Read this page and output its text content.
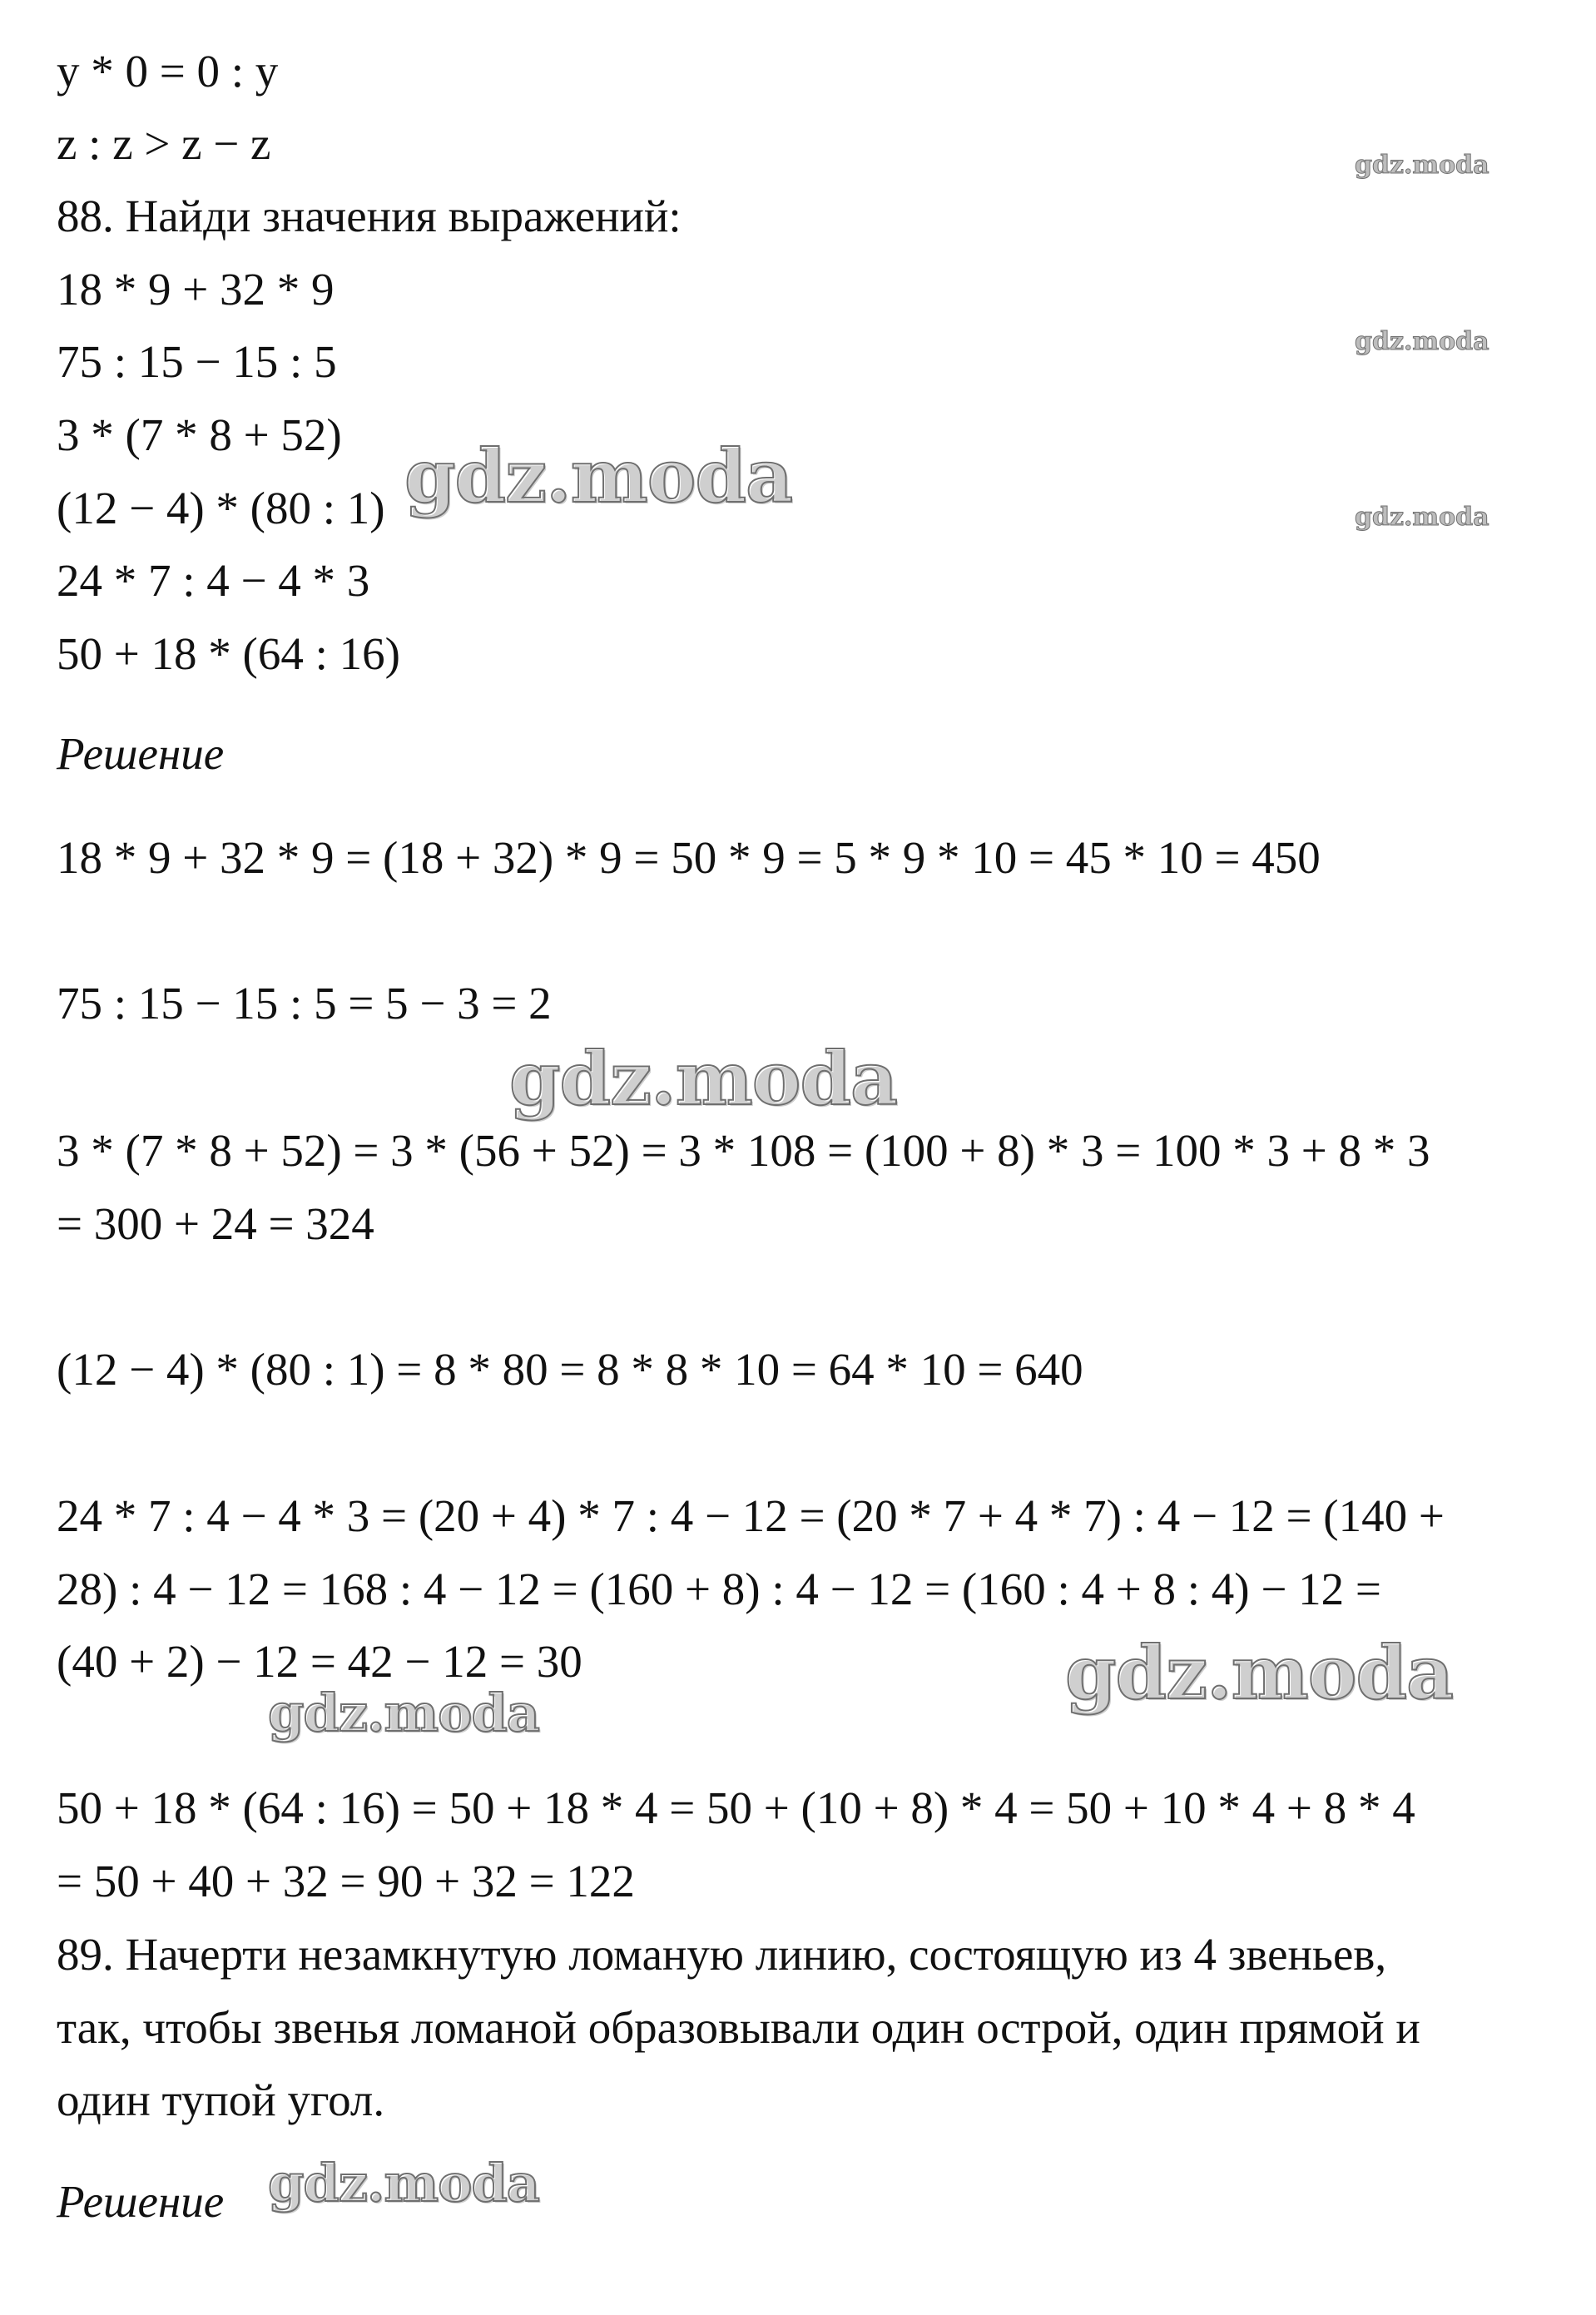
y * 0 = 0 : y
z : z > z − z
88. Найди значения выражений:
18 * 9 + 32 * 9
75 : 15 − 15 : 5
3 * (7 * 8 + 52)
(12 − 4) * (80 : 1)
24 * 7 : 4 − 4 * 3
50 + 18 * (64 : 16)
Решение
18 * 9 + 32 * 9 = (18 + 32) * 9 = 50 * 9 = 5 * 9 * 10 = 45 * 10 = 450
75 : 15 − 15 : 5 = 5 − 3 = 2
3 * (7 * 8 + 52) = 3 * (56 + 52) = 3 * 108 = (100 + 8) * 3 = 100 * 3 + 8 * 3
= 300 + 24 = 324
(12 − 4) * (80 : 1) = 8 * 80 = 8 * 8 * 10 = 64 * 10 = 640
24 * 7 : 4 − 4 * 3 = (20 + 4) * 7 : 4 − 12 = (20 * 7 + 4 * 7) : 4 − 12 = (140 +
28) : 4 − 12 = 168 : 4 − 12 = (160 + 8) : 4 − 12 = (160 : 4 + 8 : 4) − 12 =
(40 + 2) − 12 = 42 − 12 = 30
50 + 18 * (64 : 16) = 50 + 18 * 4 = 50 + (10 + 8) * 4 = 50 + 10 * 4 + 8 * 4
= 50 + 40 + 32 = 90 + 32 = 122
89. Начерти незамкнутую ломаную линию, состоящую из 4 звеньев,
так, чтобы звенья ломаной образовывали один острой, один прямой и
один тупой угол.
Решение
gdz.moda
gdz.moda
gdz.moda
gdz.moda
gdz.moda
gdz.moda
gdz.moda
gdz.moda
